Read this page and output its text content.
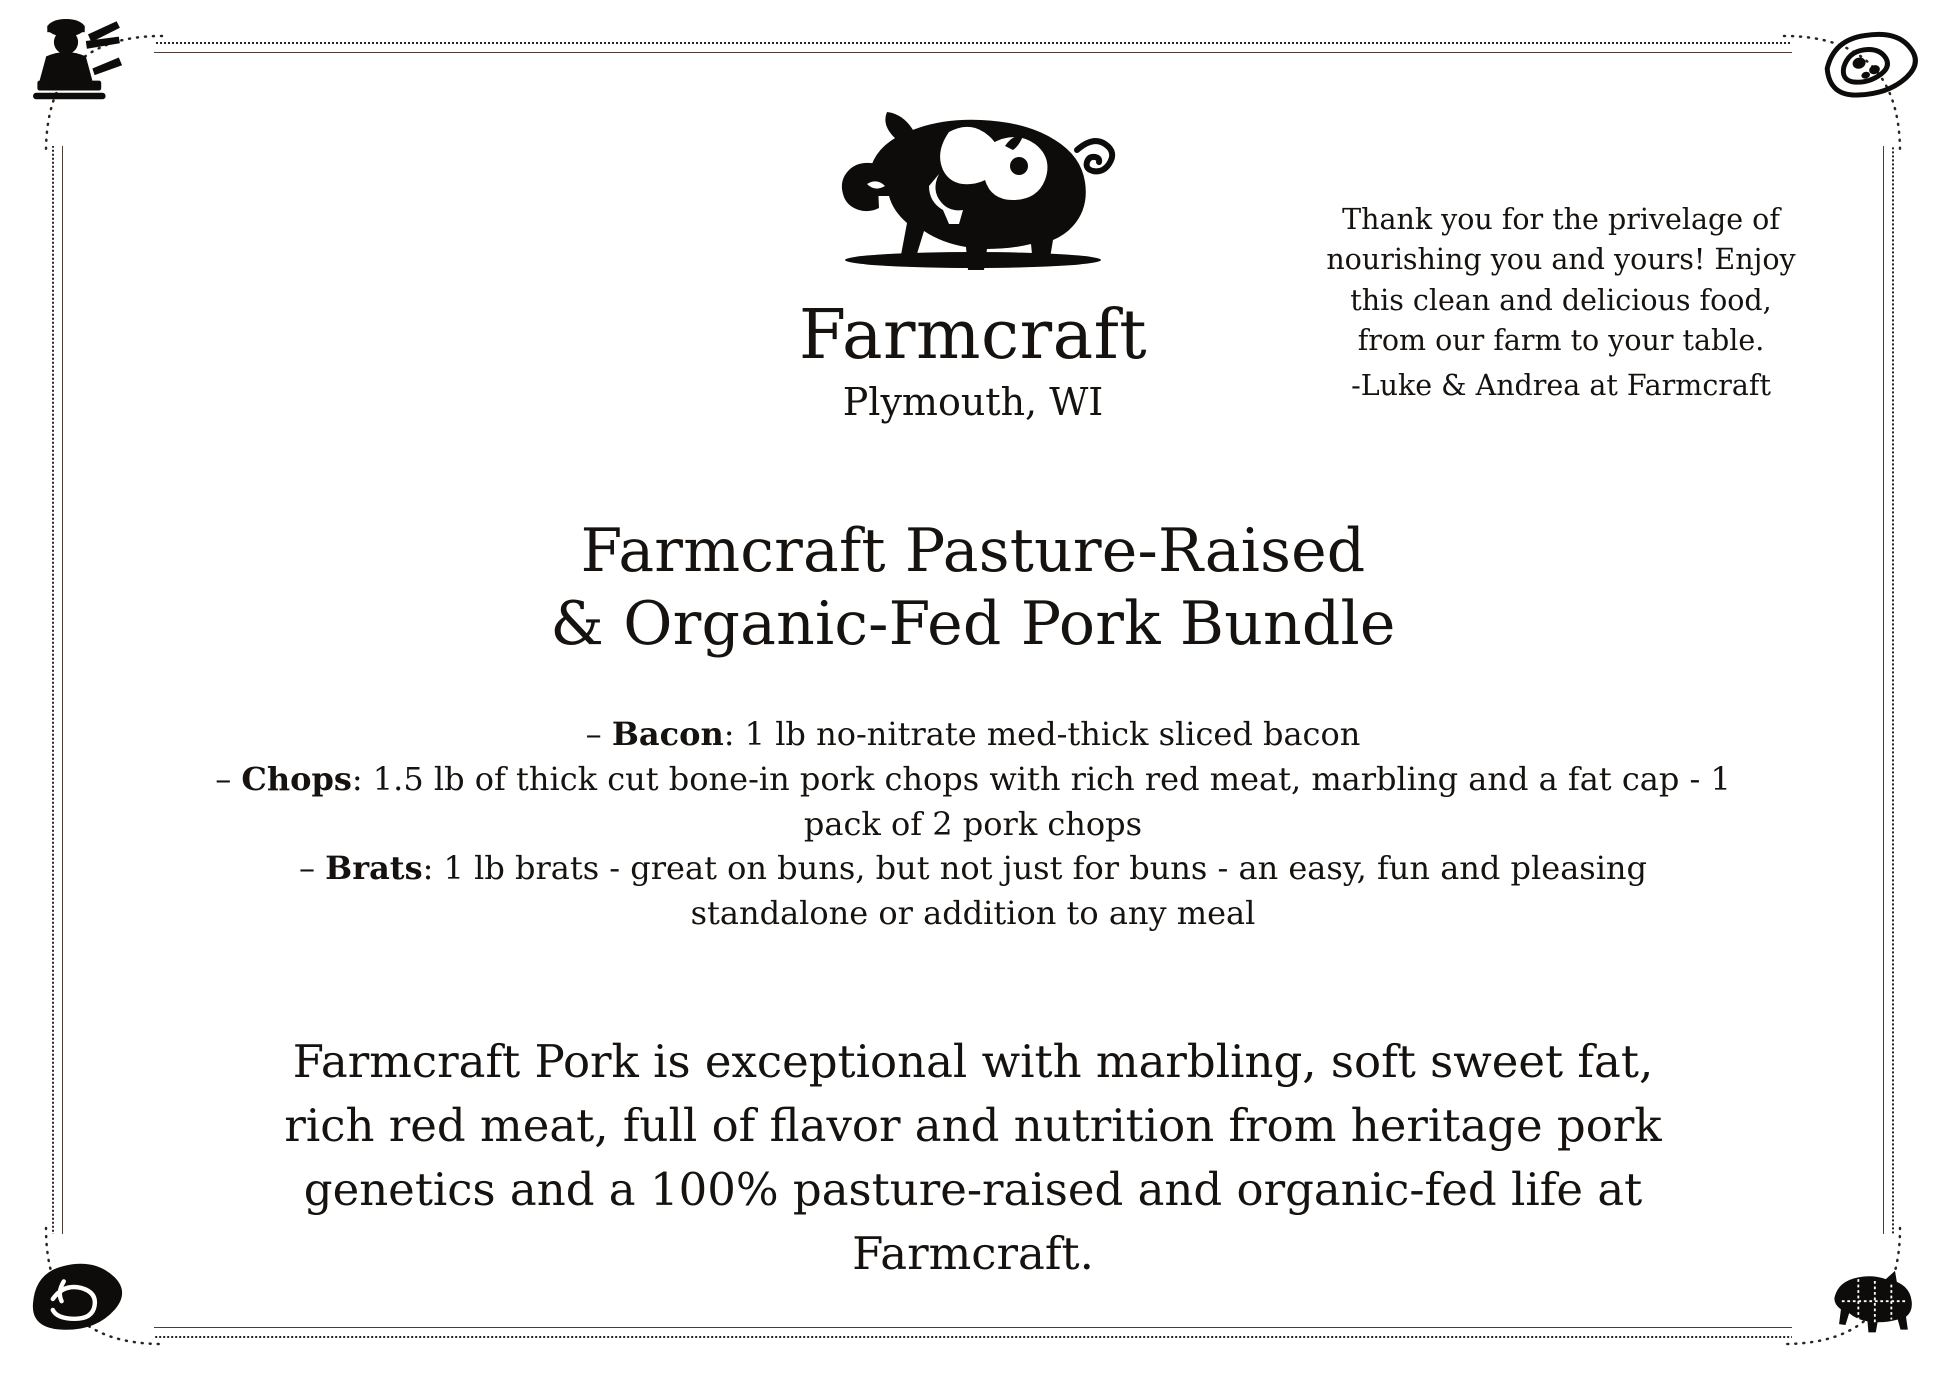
Farmcraft
Plymouth, WI
Thank you for the privelage of nourishing you and yours! Enjoy this clean and delicious food, from our farm to your table.
-Luke & Andrea at Farmcraft
Farmcraft Pasture-Raised
& Organic-Fed Pork Bundle

– Bacon: 1 lb no-nitrate med-thick sliced bacon

– Chops: 1.5 lb of thick cut bone-in pork chops with rich red meat, marbling and a fat cap - 1 pack of 2 pork chops

– Brats: 1 lb brats - great on buns, but not just for buns - an easy, fun and pleasing standalone or addition to any meal

Farmcraft Pork is exceptional with marbling, soft sweet fat, rich red meat, full of flavor and nutrition from heritage pork genetics and a 100% pasture-raised and organic-fed life at Farmcraft.
